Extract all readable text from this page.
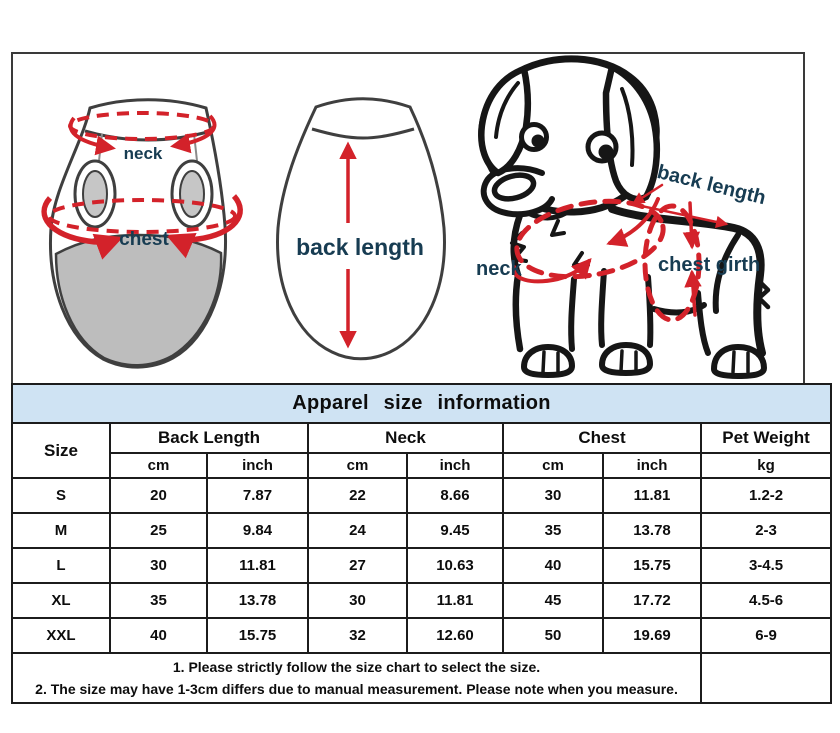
neck
chest	back length
neck
back length
chest girth
Apparel size information							
Size	Back Length		Neck		Chest		Pet Weight
	cm	inch	cm	inch	cm	inch	kg
S	20	7.87	22	8.66	30	11.81	1.2-2
M	25	9.84	24	9.45	35	13.78	2-3
L	30	11.81	27	10.63	40	15.75	3-4.5
XL	35	13.78	30	11.81	45	17.72	4.5-6
XXL	40	15.75	32	12.60	50	19.69	6-9

1. Please strictly follow the size chart to select the size.
2. The size may have 1-3cm differs due to manual measurement. Please note when you measure.							
